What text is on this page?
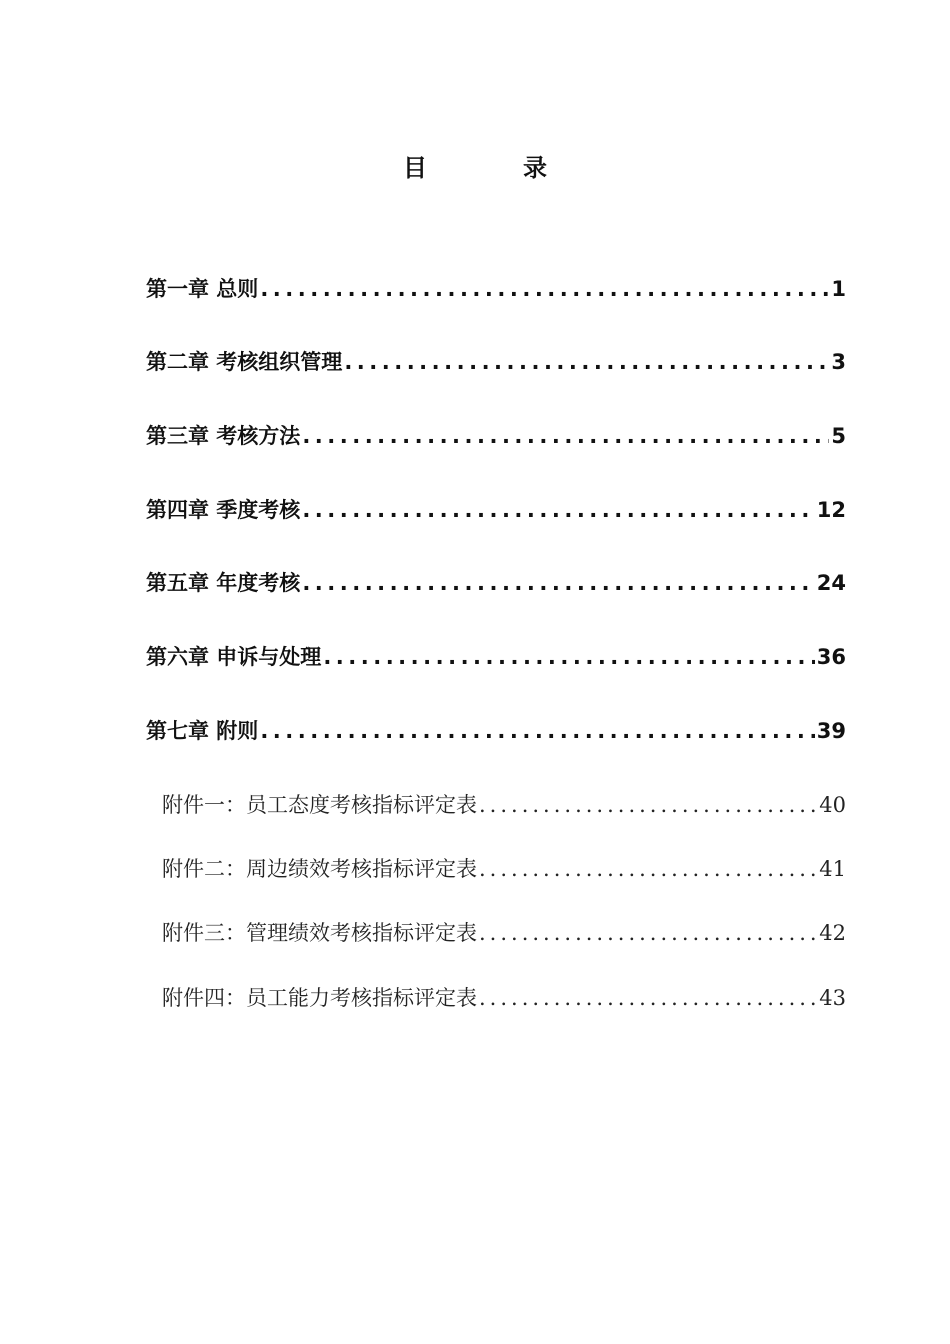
目　录
第一章 总则 .....	1
第二章 考核组织管理 .....	3
第三章 考核方法 .....	5
第四章 季度考核 .....	12
第五章 年度考核 .....	24
第六章 申诉与处理 .....	36
第七章 附则 .....	39
附件一：员工态度考核指标评定表 .....	40
附件二：周边绩效考核指标评定表 .....	41
附件三：管理绩效考核指标评定表 .....	42
附件四：员工能力考核指标评定表 .....	43
